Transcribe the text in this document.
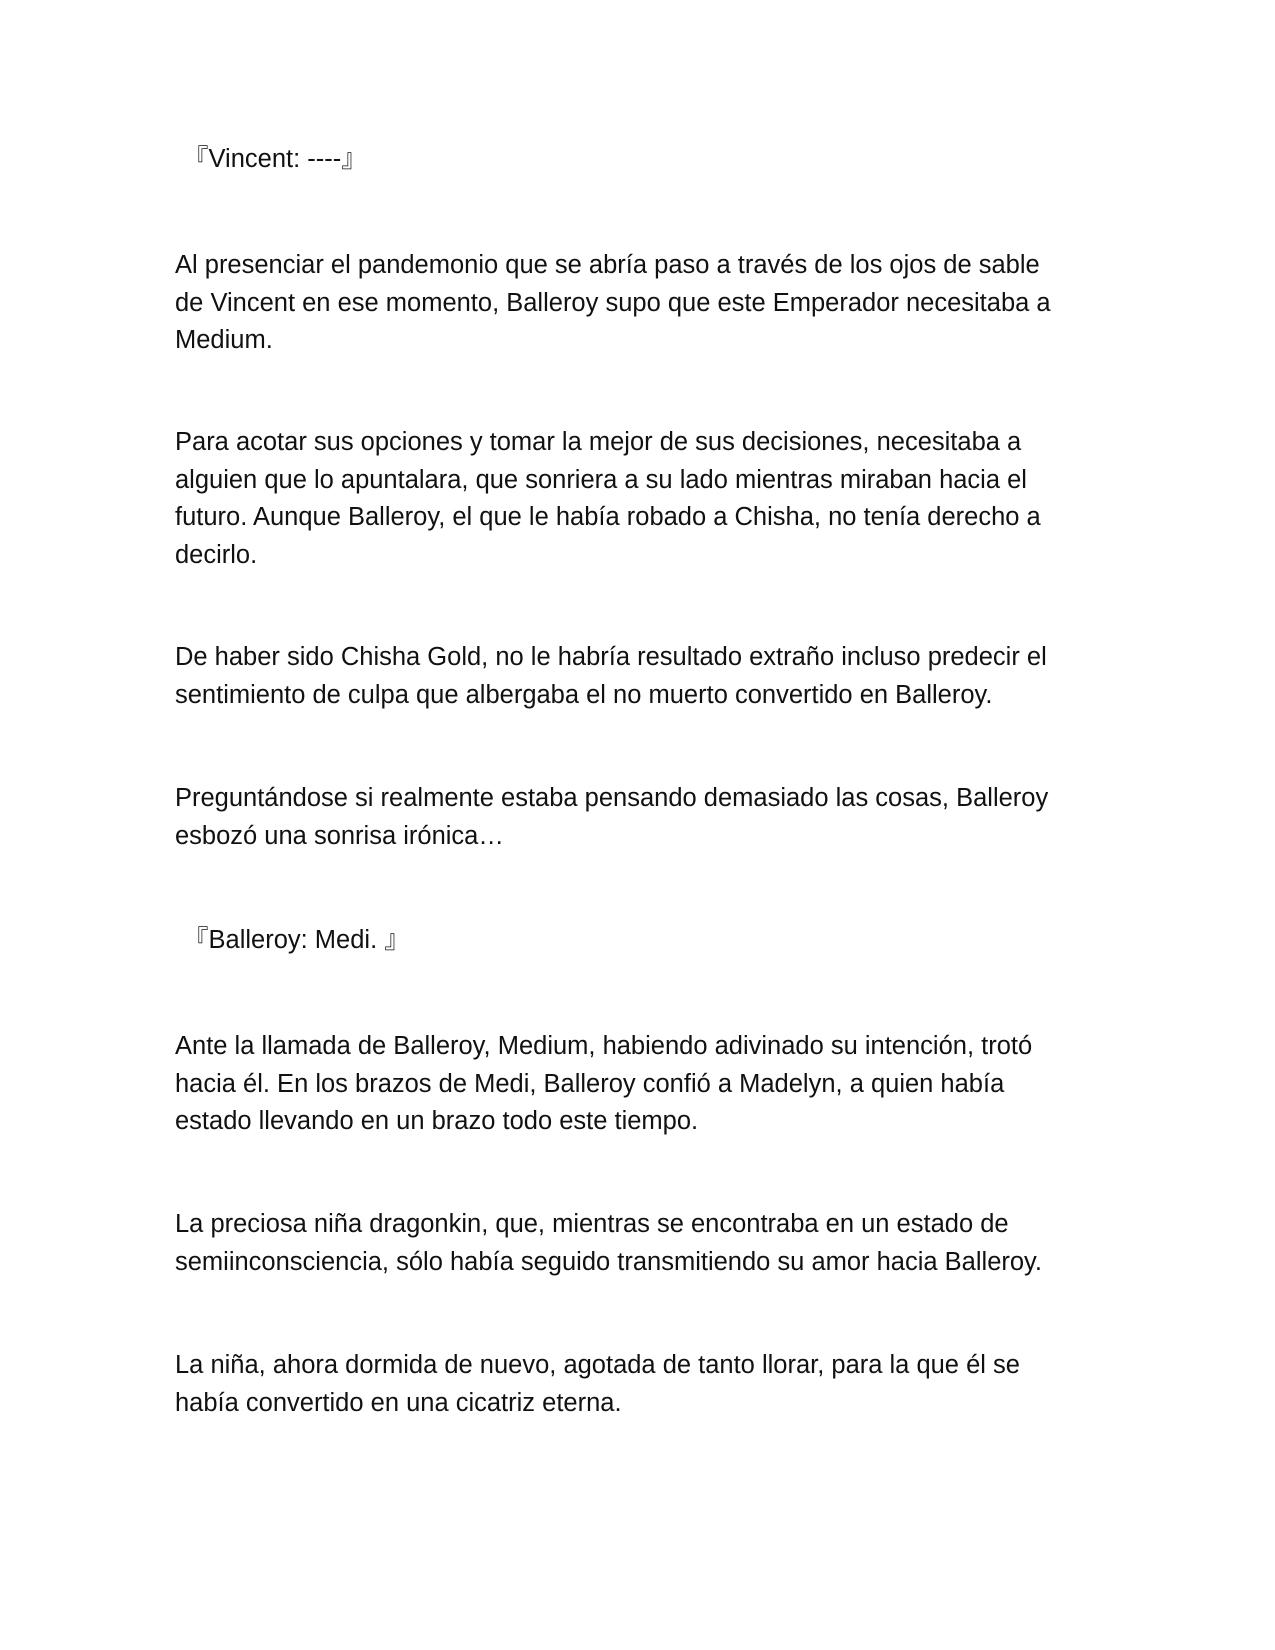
『Vincent: ----』

Al presenciar el pandemonio que se abría paso a través de los ojos de sable
de Vincent en ese momento, Balleroy supo que este Emperador necesitaba a
Medium.

Para acotar sus opciones y tomar la mejor de sus decisiones, necesitaba a
alguien que lo apuntalara, que sonriera a su lado mientras miraban hacia el
futuro. Aunque Balleroy, el que le había robado a Chisha, no tenía derecho a
decirlo.

De haber sido Chisha Gold, no le habría resultado extraño incluso predecir el
sentimiento de culpa que albergaba el no muerto convertido en Balleroy.

Preguntándose si realmente estaba pensando demasiado las cosas, Balleroy
esbozó una sonrisa irónica…

『Balleroy: Medi. 』

Ante la llamada de Balleroy, Medium, habiendo adivinado su intención, trotó
hacia él. En los brazos de Medi, Balleroy confió a Madelyn, a quien había
estado llevando en un brazo todo este tiempo.

La preciosa niña dragonkin, que, mientras se encontraba en un estado de
semiinconsciencia, sólo había seguido transmitiendo su amor hacia Balleroy.

La niña, ahora dormida de nuevo, agotada de tanto llorar, para la que él se
había convertido en una cicatriz eterna.
